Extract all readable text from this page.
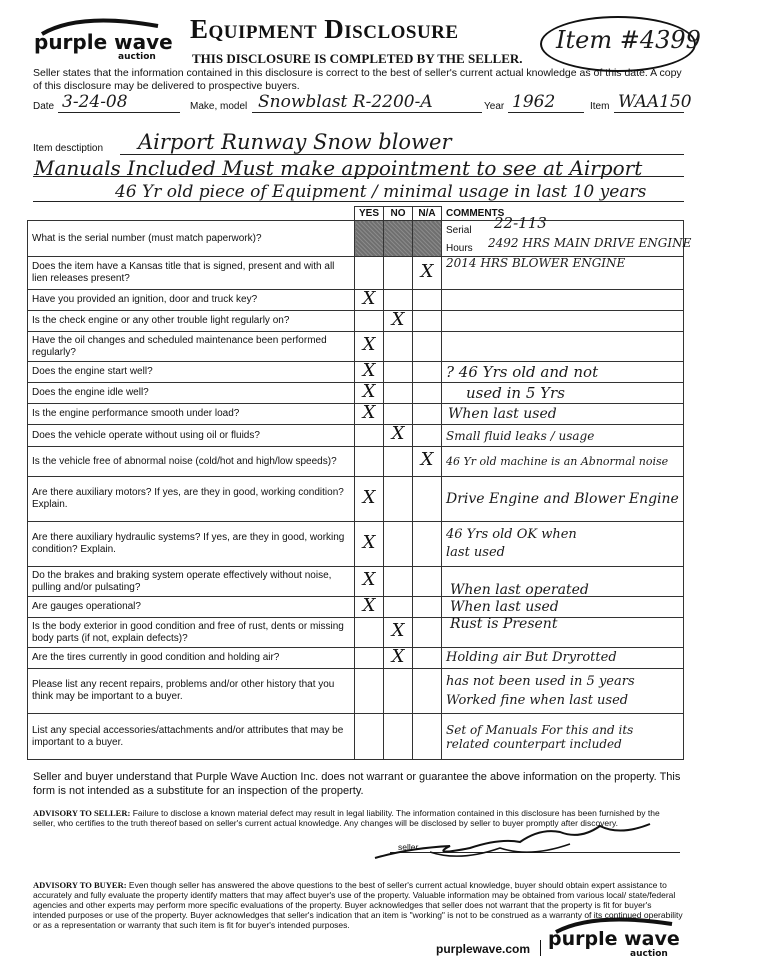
purple wave
auction
Equipment Disclosure
THIS DISCLOSURE IS COMPLETED BY THE SELLER.
Item #4399
Seller states that the information contained in this disclosure is correct to the best of seller's current actual knowledge as of this date. A copy of this disclosure may be delivered to prospective buyers.
Date 3-24-08	Make, model Snowblast R-2200-A	Year 1962	Item WAA150
Item desctiption Airport Runway Snow blower
Manuals Included Must make appointment to see at Airport
46 Yr old piece of Equipment / minimal usage in last 10 years
	YES	NO	N/A	COMMENTS
What is the serial number (must match paperwork)?				Serial 22-113
Hours 2492 HRS MAIN DRIVE ENGINE

Does the item have a Kansas title that is signed, present and with all lien releases present?			X	2014 HRS BLOWER ENGINE
Have you provided an ignition, door and truck key?	X			
Is the check engine or any other trouble light regularly on?		X		
Have the oil changes and scheduled maintenance been performed regularly?	X			
Does the engine start well?	X			? 46 Yrs old and not
Does the engine idle well?	X			used in 5 Yrs
Is the engine performance smooth under load?	X			When last used
Does the vehicle operate without using oil or fluids?		X		Small fluid leaks / usage
Is the vehicle free of abnormal noise (cold/hot and high/low speeds)?			X	46 Yr old machine is an Abnormal noise
Are there auxiliary motors? If yes, are they in good, working condition? Explain.	X			Drive Engine and Blower Engine
Are there auxiliary hydraulic systems? If yes, are they in good, working condition? Explain.	X			46 Yrs old OK when last used
Do the brakes and braking system operate effectively without noise, pulling and/or pulsating?	X			When last operated
Are gauges operational?	X			When last used
Is the body exterior in good condition and free of rust, dents or missing body parts (if not, explain defects)?		X		Rust is Present
Are the tires currently in good condition and holding air?		X		Holding air But Dryrotted
Please list any recent repairs, problems and/or other history that you think may be important to a buyer.				has not been used in 5 years Worked fine when last used
List any special accessories/attachments and/or attributes that may be important to a buyer.				Set of Manuals For this and its related counterpart included
Seller and buyer understand that Purple Wave Auction Inc. does not warrant or guarantee the above information on the property. This form is not intended as a substitute for an inspection of the property.
ADVISORY TO SELLER: Failure to disclose a known material defect may result in legal liability. The information contained in this disclosure has been furnished by the seller, who certifies to the truth thereof based on seller's current actual knowledge. Any changes will be disclosed by seller to buyer promptly after discovery.
seller
ADVISORY TO BUYER: Even though seller has answered the above questions to the best of seller's current actual knowledge, buyer should obtain expert assistance to accurately and fully evaluate the property identify matters that may affect buyer's use of the property. Valuable information may be obtained from various local/ state/federal agencies and other experts may perform more specific evaluations of the property. Buyer acknowledges that seller does not warrant that the property is fit for buyer's intended purposes or use of the property. Buyer acknowledges that seller's indication that an item is "working" is not to be construed as a warranty of its continued operability or as a representation or warranty that such item is fit for buyer's intended purposes.
purplewave.com purple wave
auction
